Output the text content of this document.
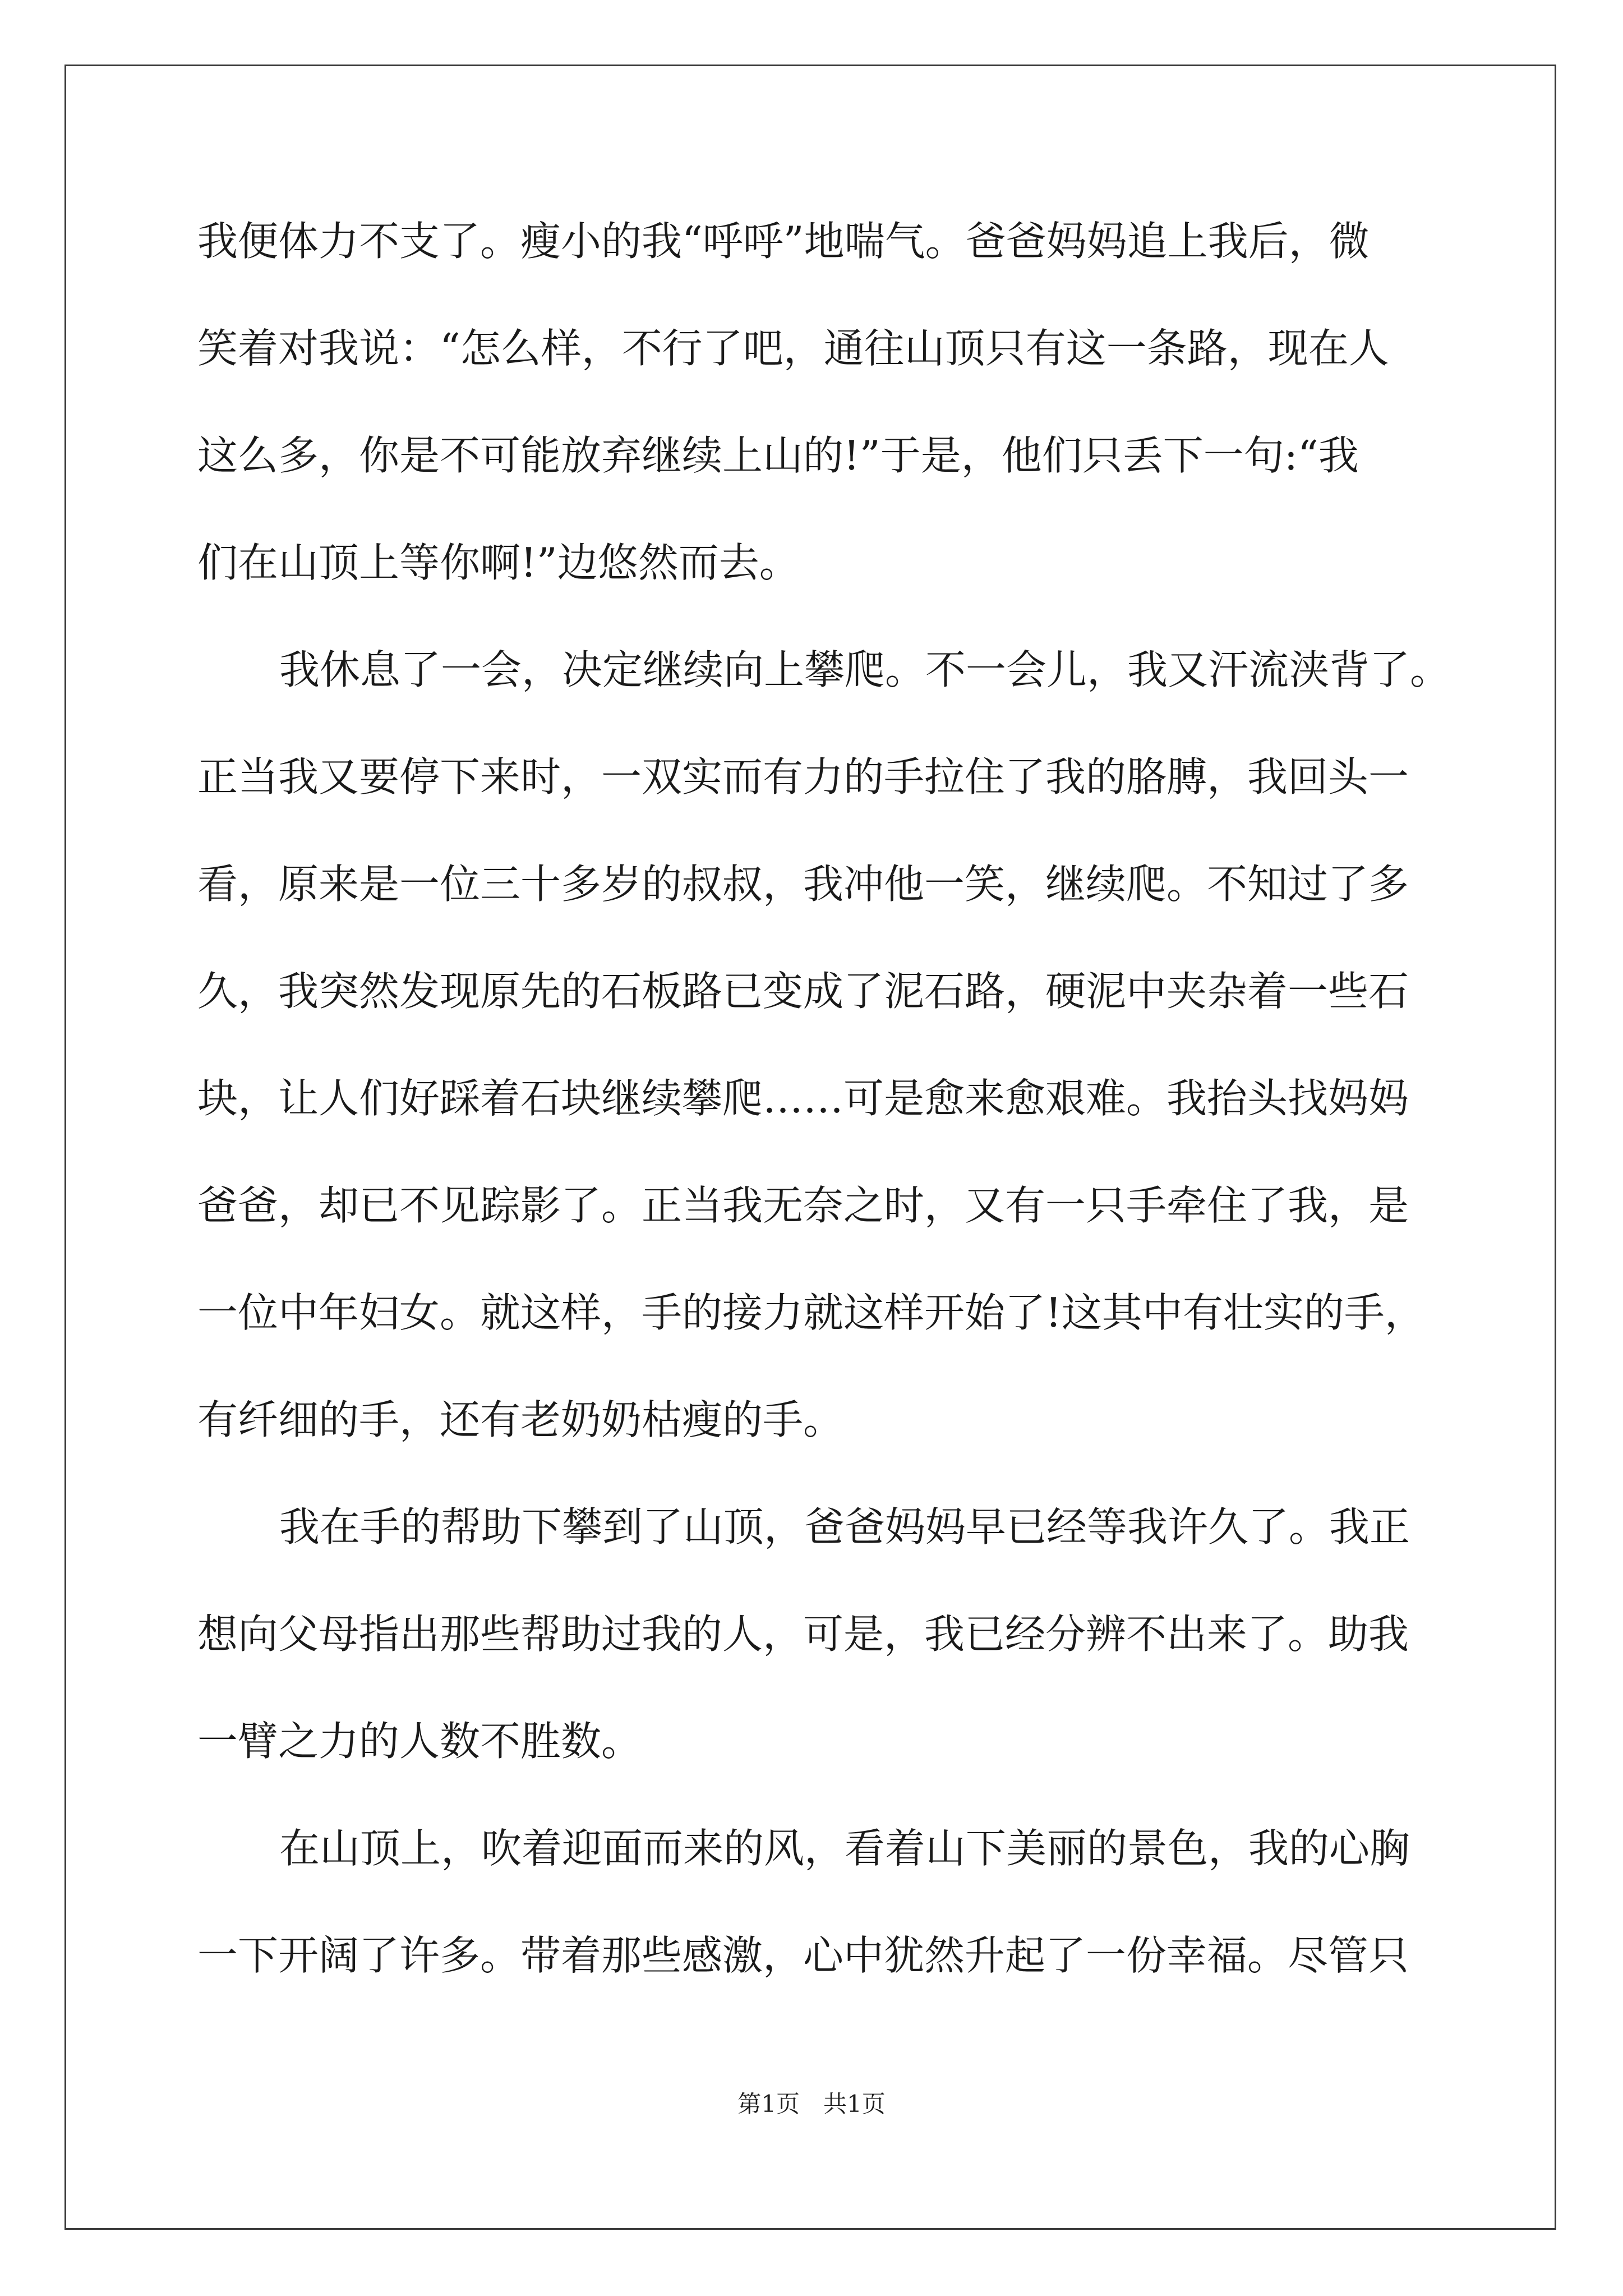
我便体力不支了。瘦小的我“呼呼”地喘气。爸爸妈妈追上我后，微
笑着对我说：“怎么样，不行了吧，通往山顶只有这一条路，现在人
这么多，你是不可能放弃继续上山的!”于是，他们只丢下一句:“我
们在山顶上等你啊!”边悠然而去。
我休息了一会，决定继续向上攀爬。不一会儿，我又汗流浃背了。
正当我又要停下来时，一双实而有力的手拉住了我的胳膊，我回头一
看，原来是一位三十多岁的叔叔，我冲他一笑，继续爬。不知过了多
久，我突然发现原先的石板路已变成了泥石路，硬泥中夹杂着一些石
块，让人们好踩着石块继续攀爬……可是愈来愈艰难。我抬头找妈妈
爸爸，却已不见踪影了。正当我无奈之时，又有一只手牵住了我，是
一位中年妇女。就这样，手的接力就这样开始了!这其中有壮实的手，
有纤细的手，还有老奶奶枯瘦的手。
我在手的帮助下攀到了山顶，爸爸妈妈早已经等我许久了。我正
想向父母指出那些帮助过我的人，可是，我已经分辨不出来了。助我
一臂之力的人数不胜数。
在山顶上，吹着迎面而来的风，看着山下美丽的景色，我的心胸
一下开阔了许多。带着那些感激，心中犹然升起了一份幸福。尽管只
第1页　共1页
